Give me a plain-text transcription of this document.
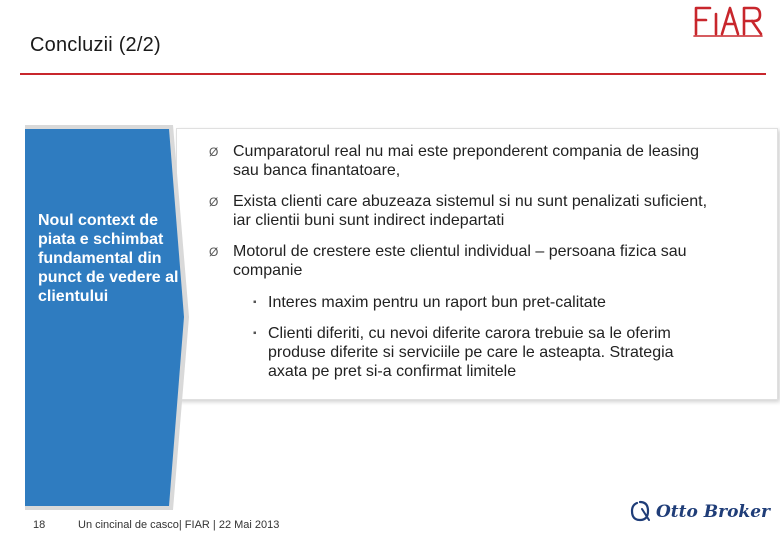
Concluzii (2/2)
Noul context de piata e schimbat fundamental din punct de vedere al clientului
Ø Cumparatorul real nu mai este preponderent compania de leasing sau banca finantatoare,
Ø Exista clienti care abuzeaza sistemul si nu sunt penalizati suficient, iar clientii buni sunt indirect indepartati
Ø Motorul de crestere este clientul individual – persoana fizica sau companie
▪ Interes maxim pentru un raport bun pret-calitate
▪ Clienti diferiti, cu nevoi diferite carora trebuie sa le oferim produse diferite si serviciile pe care le asteapta. Strategia axata pe pret si-a confirmat limitele
18	Un cincinal de casco| FIAR | 22 Mai 2013
Otto Broker
